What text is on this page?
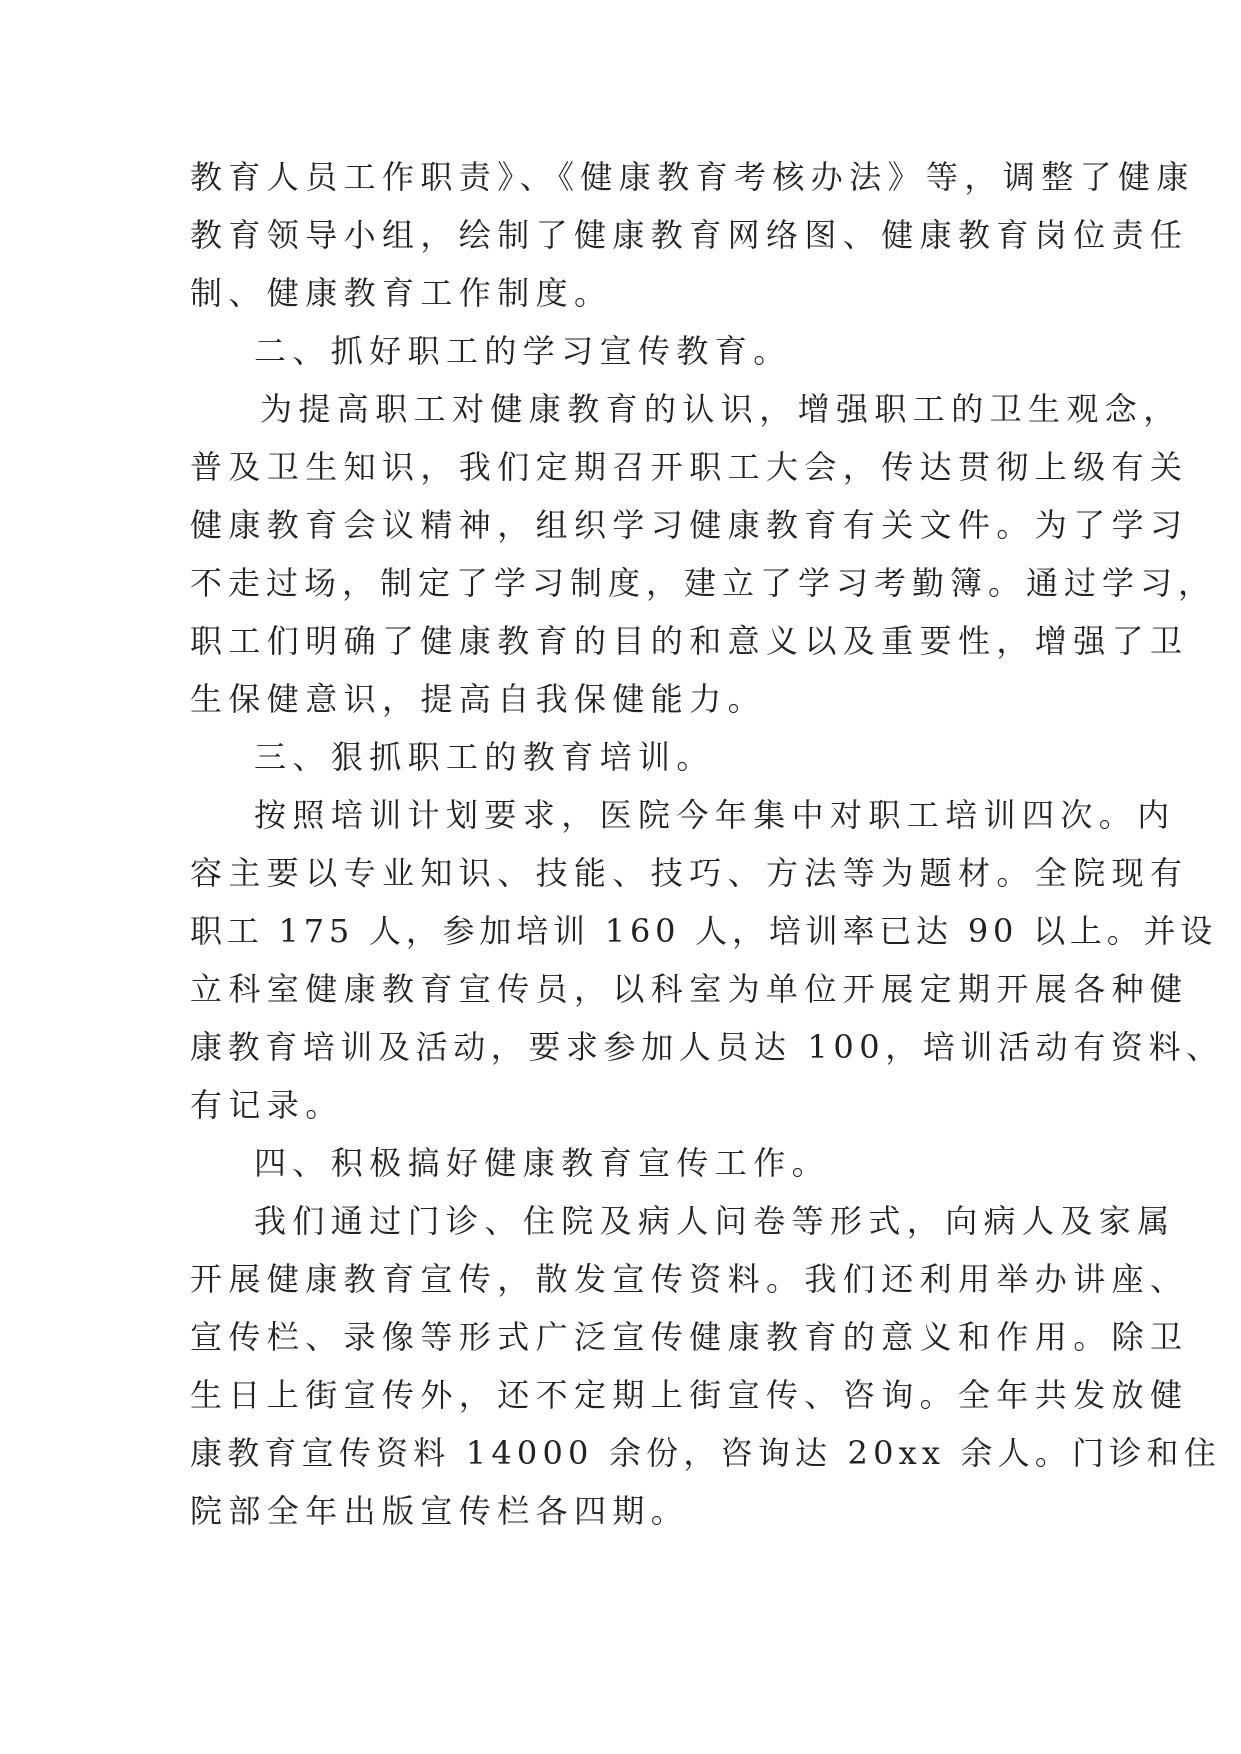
教育人员工作职责》、《健康教育考核办法》等，调整了健康
教育领导小组，绘制了健康教育网络图、健康教育岗位责任
制、健康教育工作制度。
二、抓好职工的学习宣传教育。
为提高职工对健康教育的认识，增强职工的卫生观念，
普及卫生知识，我们定期召开职工大会，传达贯彻上级有关
健康教育会议精神，组织学习健康教育有关文件。为了学习
不走过场，制定了学习制度，建立了学习考勤簿。通过学习，
职工们明确了健康教育的目的和意义以及重要性，增强了卫
生保健意识，提高自我保健能力。
三、狠抓职工的教育培训。
按照培训计划要求，医院今年集中对职工培训四次。内
容主要以专业知识、技能、技巧、方法等为题材。全院现有
职工 175 人，参加培训 160 人，培训率已达 90 以上。并设
立科室健康教育宣传员，以科室为单位开展定期开展各种健
康教育培训及活动，要求参加人员达 100，培训活动有资料、
有记录。
四、积极搞好健康教育宣传工作。
我们通过门诊、住院及病人问卷等形式，向病人及家属
开展健康教育宣传，散发宣传资料。我们还利用举办讲座、
宣传栏、录像等形式广泛宣传健康教育的意义和作用。除卫
生日上街宣传外，还不定期上街宣传、咨询。全年共发放健
康教育宣传资料 14000 余份，咨询达 20xx 余人。门诊和住
院部全年出版宣传栏各四期。
